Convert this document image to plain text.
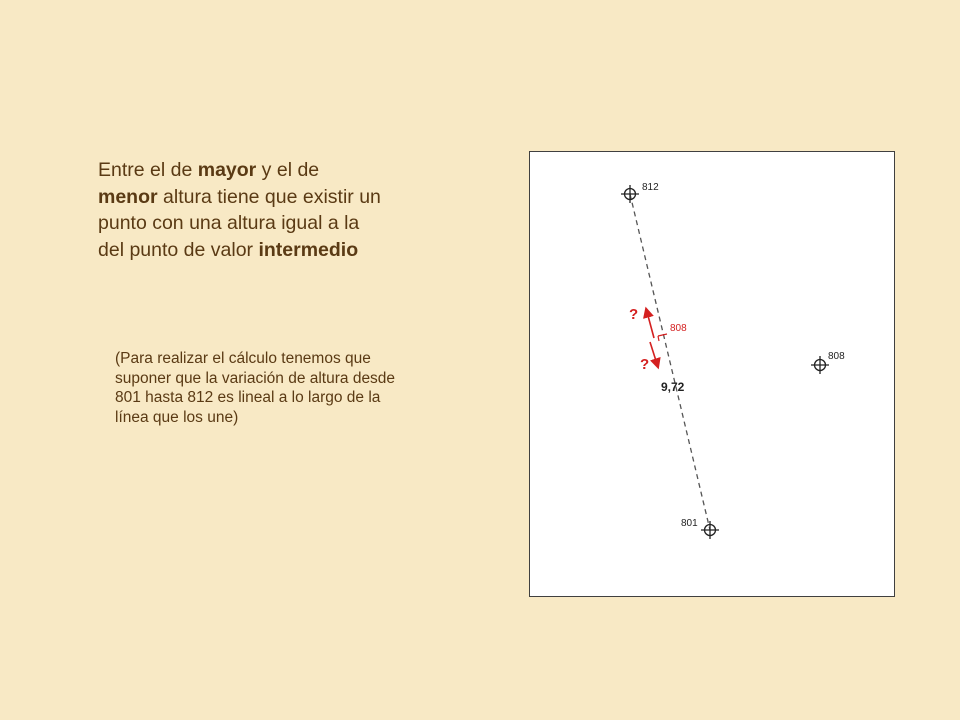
Entre el de mayor y el de
menor altura tiene que existir un
punto con una altura igual a la
del punto de valor intermedio
(Para realizar el cálculo tenemos que
suponer que la variación de altura desde
801 hasta 812 es lineal a lo largo de la
línea que los une)
812
808
801
808
?
?
9,72
